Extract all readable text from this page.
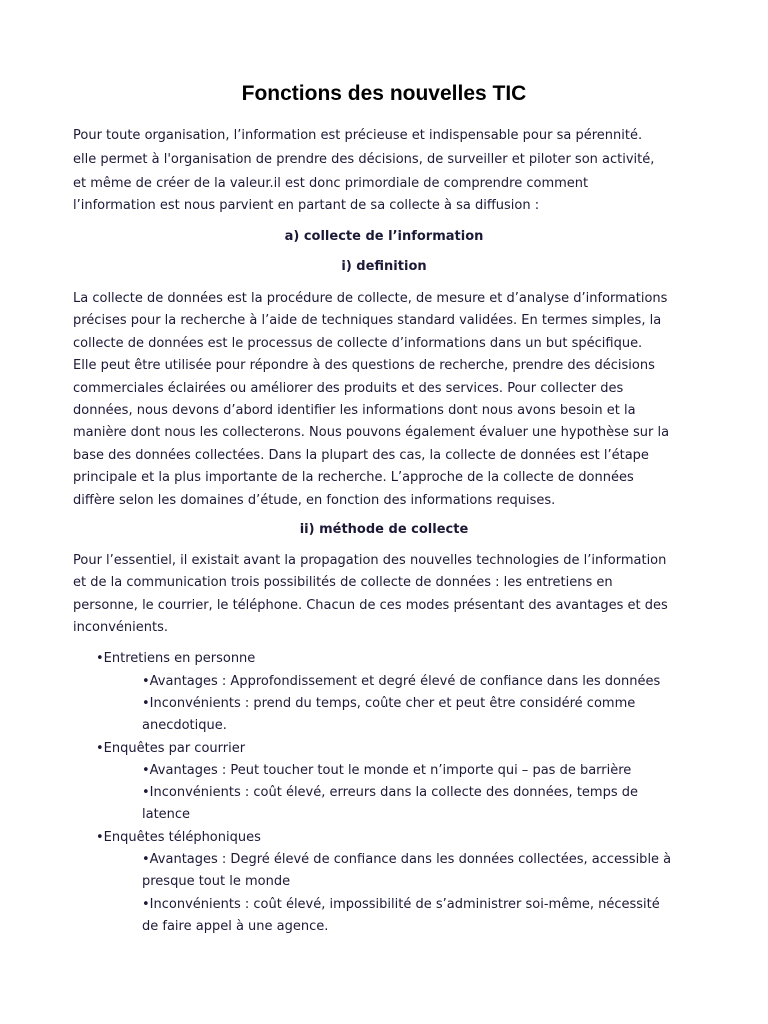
Fonctions des nouvelles TIC

Pour toute organisation, l’information est précieuse et indispensable pour sa pérennité.
elle permet à l'organisation de prendre des décisions, de surveiller et piloter son activité,
et même de créer de la valeur.il est donc primordiale de comprendre comment
l’information est nous parvient en partant de sa collecte à sa diffusion :

a) collecte de l’information
i) definition

La collecte de données est la procédure de collecte, de mesure et d’analyse d’informations
précises pour la recherche à l’aide de techniques standard validées. En termes simples, la
collecte de données est le processus de collecte d’informations dans un but spécifique.
Elle peut être utilisée pour répondre à des questions de recherche, prendre des décisions
commerciales éclairées ou améliorer des produits et des services. Pour collecter des
données, nous devons d’abord identifier les informations dont nous avons besoin et la
manière dont nous les collecterons. Nous pouvons également évaluer une hypothèse sur la
base des données collectées. Dans la plupart des cas, la collecte de données est l’étape
principale et la plus importante de la recherche. L’approche de la collecte de données
diffère selon les domaines d’étude, en fonction des informations requises.

ii) méthode de collecte

Pour l’essentiel, il existait avant la propagation des nouvelles technologies de l’information
et de la communication trois possibilités de collecte de données : les entretiens en
personne, le courrier, le téléphone. Chacun de ces modes présentant des avantages et des
inconvénients.

•Entretiens en personne
•Avantages : Approfondissement et degré élevé de confiance dans les données
•Inconvénients : prend du temps, coûte cher et peut être considéré comme
anecdotique.
•Enquêtes par courrier
•Avantages : Peut toucher tout le monde et n’importe qui – pas de barrière
•Inconvénients : coût élevé, erreurs dans la collecte des données, temps de
latence
•Enquêtes téléphoniques
•Avantages : Degré élevé de confiance dans les données collectées, accessible à
presque tout le monde
•Inconvénients : coût élevé, impossibilité de s’administrer soi-même, nécessité
de faire appel à une agence.
